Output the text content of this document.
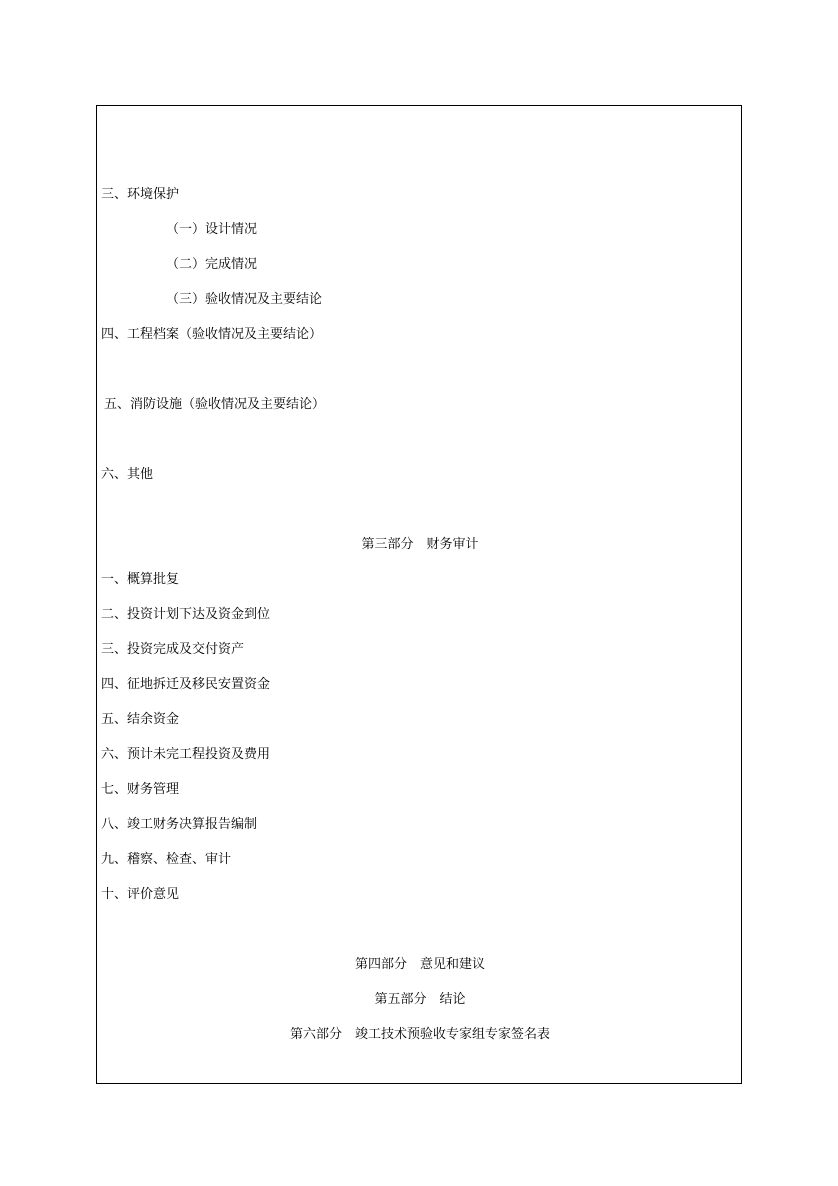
三、环境保护
（一）设计情况
（二）完成情况
（三）验收情况及主要结论
四、工程档案（验收情况及主要结论）
五、消防设施（验收情况及主要结论）
六、其他
第三部分　财务审计
一、概算批复
二、投资计划下达及资金到位
三、投资完成及交付资产
四、征地拆迁及移民安置资金
五、结余资金
六、预计未完工程投资及费用
七、财务管理
八、竣工财务决算报告编制
九、稽察、检查、审计
十、评价意见
第四部分　意见和建议
第五部分　结论
第六部分　竣工技术预验收专家组专家签名表
